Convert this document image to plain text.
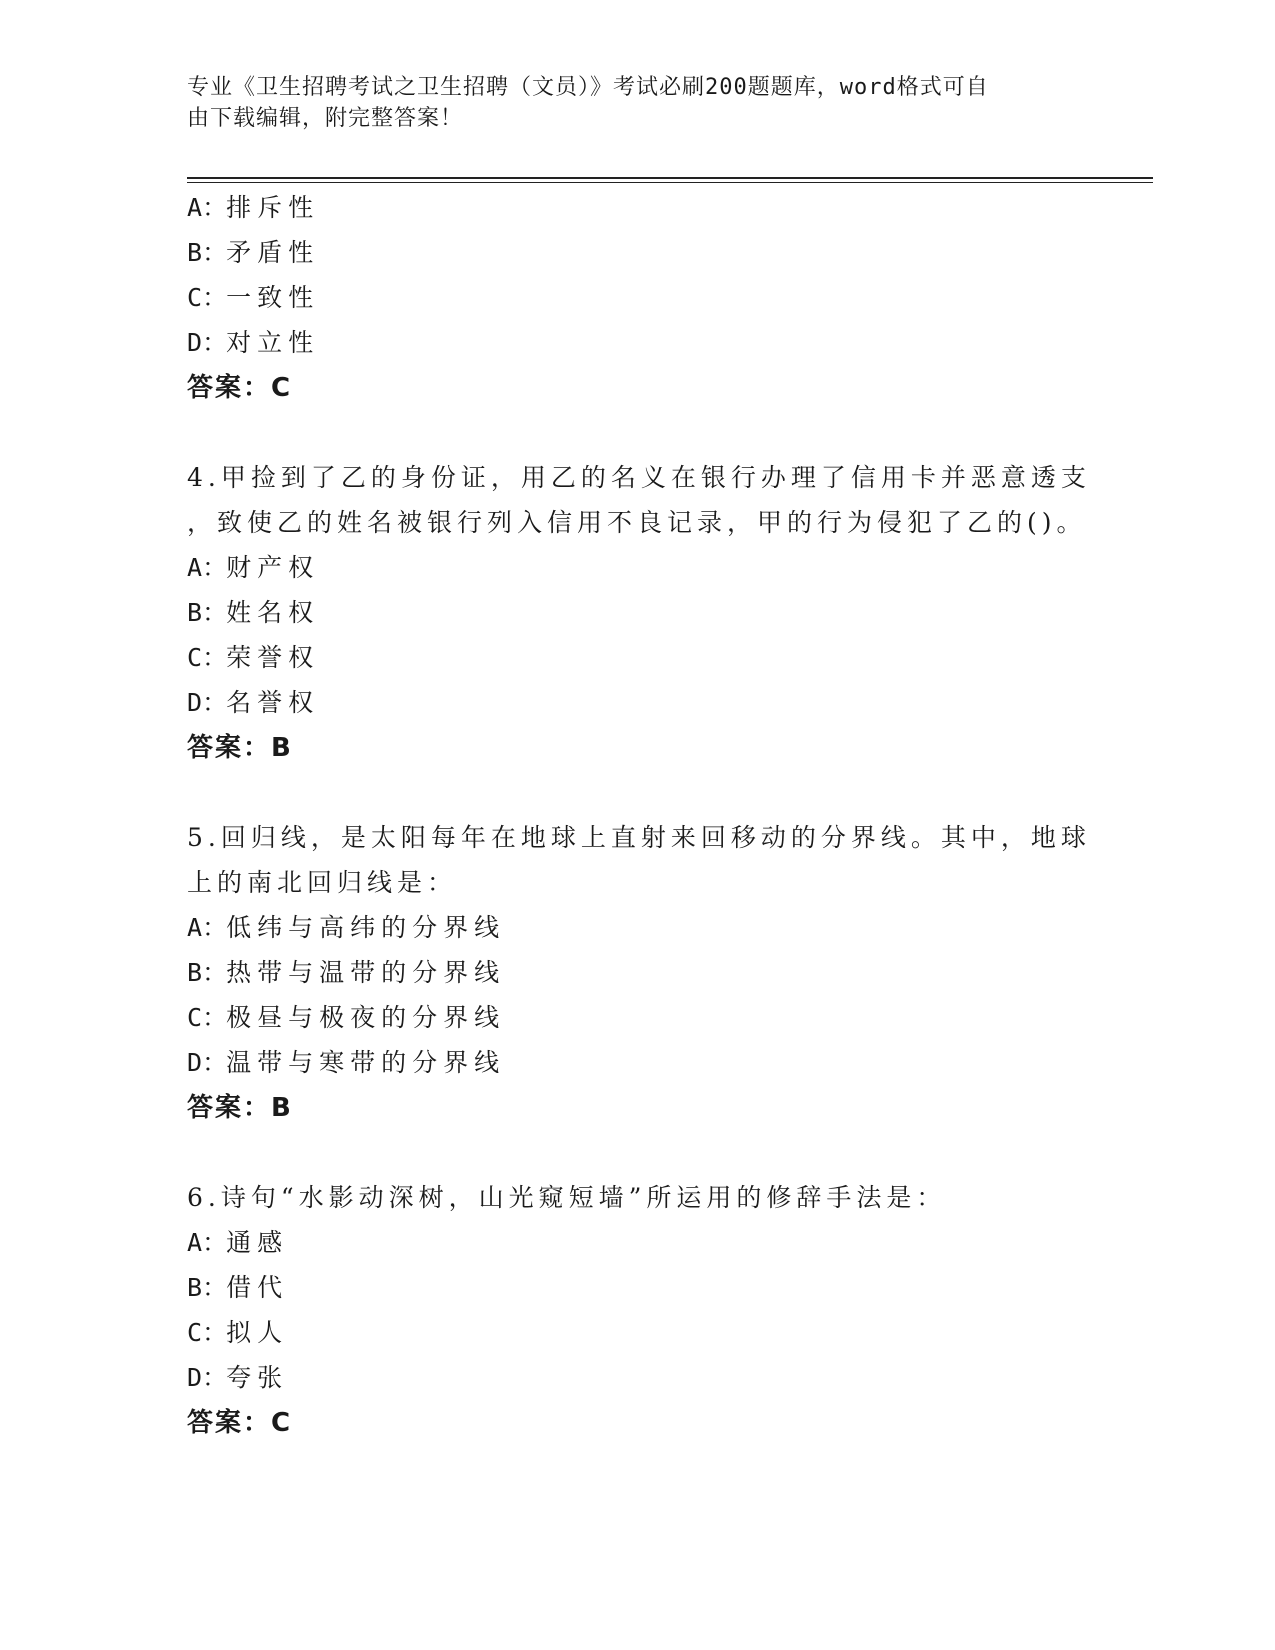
专业《卫生招聘考试之卫生招聘（文员）》考试必刷200题题库，word格式可自
由下载编辑，附完整答案！
A：排斥性
B：矛盾性
C：一致性
D：对立性
答案：C
4.甲捡到了乙的身份证，用乙的名义在银行办理了信用卡并恶意透支
，致使乙的姓名被银行列入信用不良记录，甲的行为侵犯了乙的()。
A：财产权
B：姓名权
C：荣誉权
D：名誉权
答案：B
5.回归线，是太阳每年在地球上直射来回移动的分界线。其中，地球
上的南北回归线是：
A：低纬与高纬的分界线
B：热带与温带的分界线
C：极昼与极夜的分界线
D：温带与寒带的分界线
答案：B
6.诗句“水影动深树，山光窥短墙”所运用的修辞手法是：
A：通感
B：借代
C：拟人
D：夸张
答案：C
